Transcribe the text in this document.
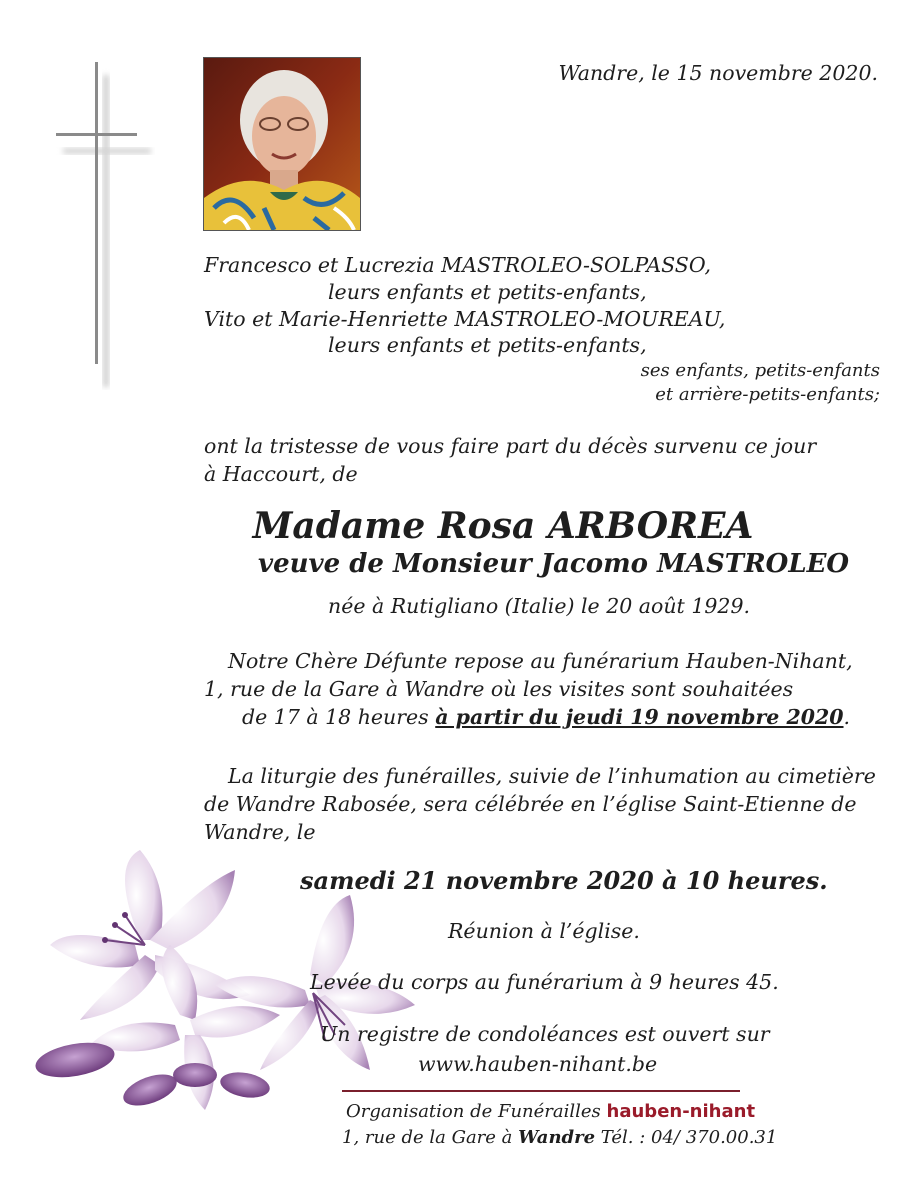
Wandre, le 15 novembre 2020.
Francesco et Lucrezia MASTROLEO-SOLPASSO,
leurs enfants et petits-enfants,
Vito et Marie-Henriette MASTROLEO-MOUREAU,
leurs enfants et petits-enfants,
ses enfants, petits-enfants
et arrière-petits-enfants;
ont la tristesse de vous faire part du décès survenu ce jour
à Haccourt, de
Madame Rosa ARBOREA
veuve de Monsieur Jacomo MASTROLEO
née à Rutigliano (Italie) le 20 août 1929.
Notre Chère Défunte repose au funérarium Hauben-Nihant,
1, rue de la Gare à Wandre où les visites sont souhaitées
de 17 à 18 heures à partir du jeudi 19 novembre 2020.
La liturgie des funérailles, suivie de l’inhumation au cimetière
de Wandre Rabosée, sera célébrée en l’église Saint-Etienne de
Wandre, le
samedi 21 novembre 2020 à 10 heures.
Réunion à l’église.
Levée du corps au funérarium à 9 heures 45.
Un registre de condoléances est ouvert sur
www.hauben-nihant.be
Organisation de Funérailles hauben-nihant
1, rue de la Gare à Wandre Tél. : 04/ 370.00.31
